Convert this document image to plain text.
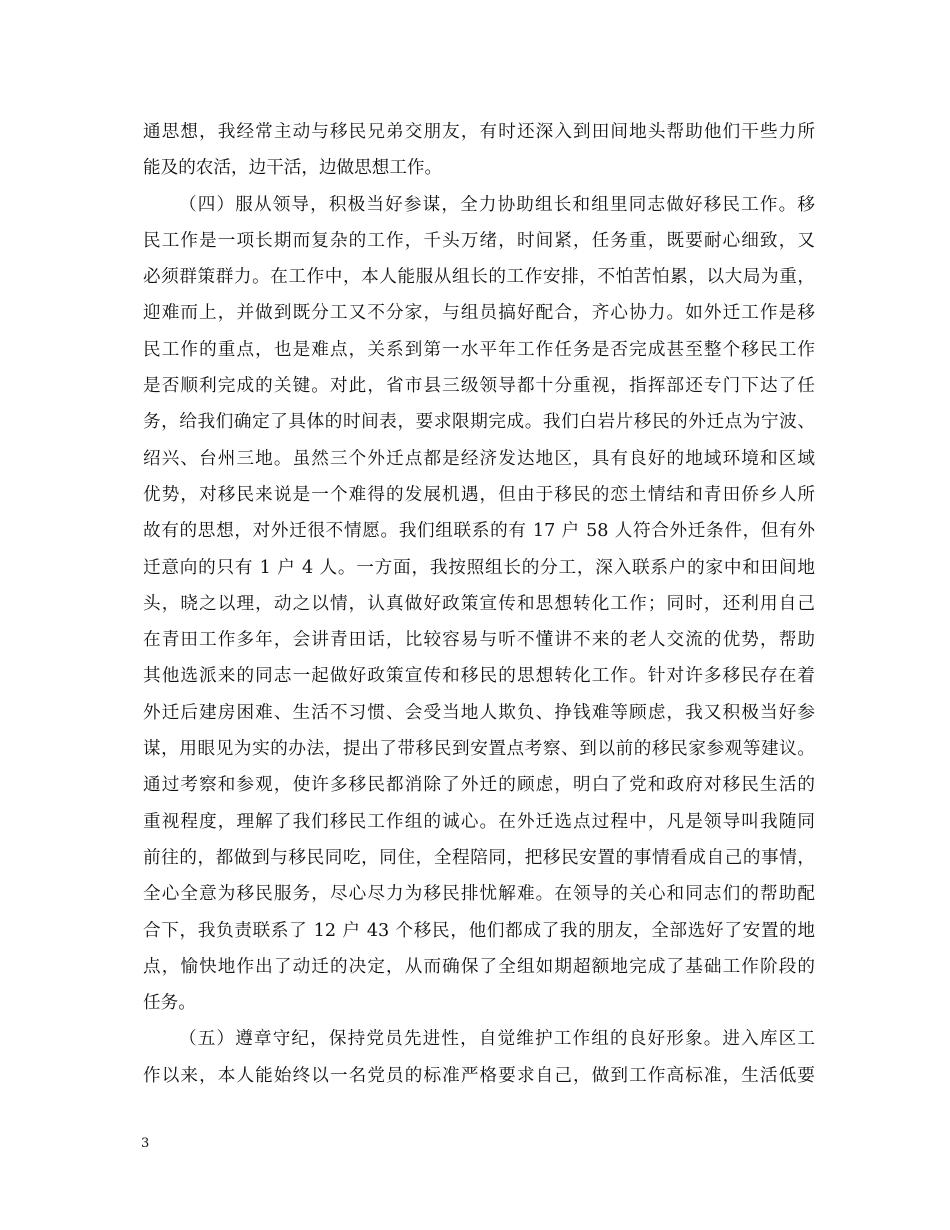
通思想，我经常主动与移民兄弟交朋友，有时还深入到田间地头帮助他们干些力所
能及的农活，边干活，边做思想工作。
（四）服从领导，积极当好参谋，全力协助组长和组里同志做好移民工作。移
民工作是一项长期而复杂的工作，千头万绪，时间紧，任务重，既要耐心细致，又
必须群策群力。在工作中，本人能服从组长的工作安排，不怕苦怕累，以大局为重，
迎难而上，并做到既分工又不分家，与组员搞好配合，齐心协力。如外迁工作是移
民工作的重点，也是难点，关系到第一水平年工作任务是否完成甚至整个移民工作
是否顺利完成的关键。对此，省市县三级领导都十分重视，指挥部还专门下达了任
务，给我们确定了具体的时间表，要求限期完成。我们白岩片移民的外迁点为宁波、
绍兴、台州三地。虽然三个外迁点都是经济发达地区，具有良好的地域环境和区域
优势，对移民来说是一个难得的发展机遇，但由于移民的恋土情结和青田侨乡人所
故有的思想，对外迁很不情愿。我们组联系的有 17 户 58 人符合外迁条件，但有外
迁意向的只有 1 户 4 人。一方面，我按照组长的分工，深入联系户的家中和田间地
头，晓之以理，动之以情，认真做好政策宣传和思想转化工作；同时，还利用自己
在青田工作多年，会讲青田话，比较容易与听不懂讲不来的老人交流的优势，帮助
其他选派来的同志一起做好政策宣传和移民的思想转化工作。针对许多移民存在着
外迁后建房困难、生活不习惯、会受当地人欺负、挣钱难等顾虑，我又积极当好参
谋，用眼见为实的办法，提出了带移民到安置点考察、到以前的移民家参观等建议。
通过考察和参观，使许多移民都消除了外迁的顾虑，明白了党和政府对移民生活的
重视程度，理解了我们移民工作组的诚心。在外迁选点过程中，凡是领导叫我随同
前往的，都做到与移民同吃，同住，全程陪同，把移民安置的事情看成自己的事情，
全心全意为移民服务，尽心尽力为移民排忧解难。在领导的关心和同志们的帮助配
合下，我负责联系了 12 户 43 个移民，他们都成了我的朋友，全部选好了安置的地
点，愉快地作出了动迁的决定，从而确保了全组如期超额地完成了基础工作阶段的
任务。
（五）遵章守纪，保持党员先进性，自觉维护工作组的良好形象。进入库区工
作以来，本人能始终以一名党员的标准严格要求自己，做到工作高标准，生活低要
3
